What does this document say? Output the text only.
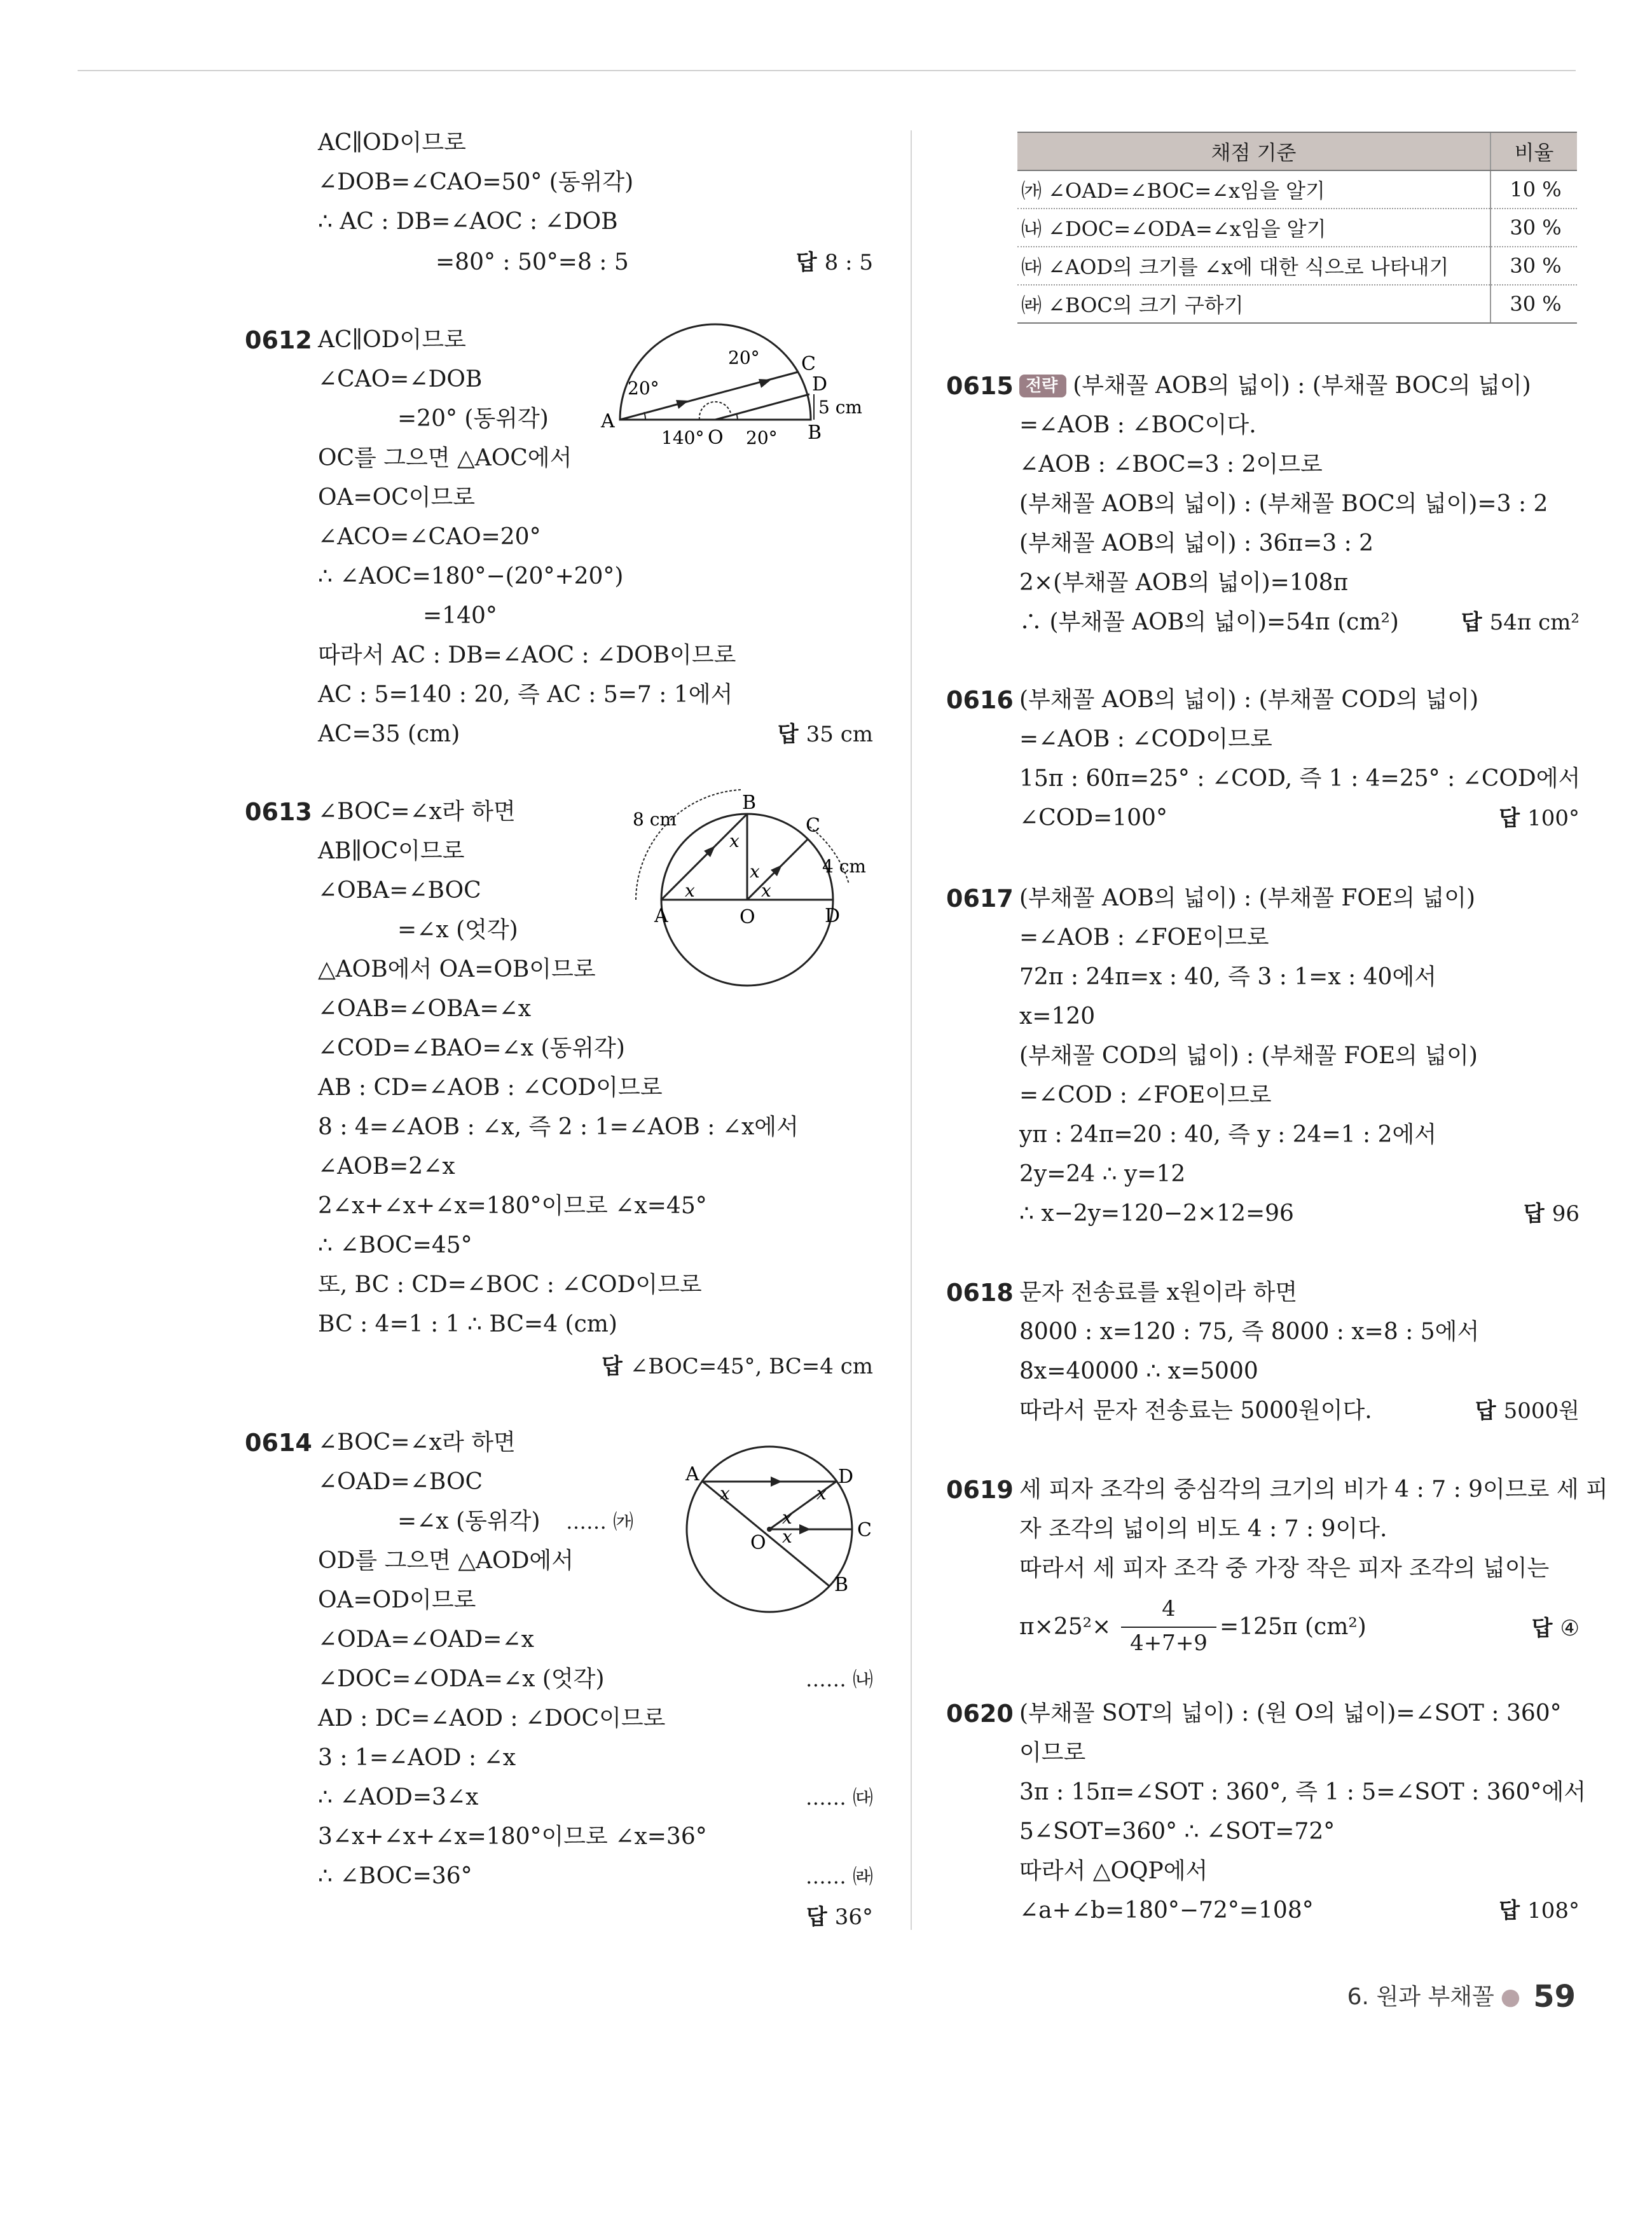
AC∥OD이므로
∠DOB=∠CAO=50° (동위각)
∴ AC : DB=∠AOC : ∠DOB
=80° : 50°=8 : 5	답 8 : 5
0612 AC∥OD이므로
∠CAO=∠DOB
=20° (동위각)
OC를 그으면 △AOC에서
OA=OC이므로
∠ACO=∠CAO=20°
∴ ∠AOC=180°−(20°+20°)
=140°
따라서 AC : DB=∠AOC : ∠DOB이므로
AC : 5=140 : 20, 즉 AC : 5=7 : 1에서
AC=35 (cm)	답 35 cm
A
B
C
D
O
20°
20°
140° 20°
5 cm
0613 ∠BOC=∠x라 하면
AB∥OC이므로
∠OBA=∠BOC
=∠x (엇각)
△AOB에서 OA=OB이므로
∠OAB=∠OBA=∠x
∠COD=∠BAO=∠x (동위각)
AB : CD=∠AOB : ∠COD이므로
8 : 4=∠AOB : ∠x, 즉 2 : 1=∠AOB : ∠x에서
∠AOB=2∠x
2∠x+∠x+∠x=180°이므로 ∠x=45°
∴ ∠BOC=45°
또, BC : CD=∠BOC : ∠COD이므로
BC : 4=1 : 1 ∴ BC=4 (cm)
답 ∠BOC=45°, BC=4 cm
A
B
C
D
O
x
x
x
x
8 cm
4 cm
0614 ∠BOC=∠x라 하면
∠OAD=∠BOC
=∠x (동위각) …… ㈎
OD를 그으면 △AOD에서
OA=OD이므로
∠ODA=∠OAD=∠x
∠DOC=∠ODA=∠x (엇각)	…… ㈏
AD : DC=∠AOD : ∠DOC이므로
3 : 1=∠AOD : ∠x
∴ ∠AOD=3∠x	…… ㈐
3∠x+∠x+∠x=180°이므로 ∠x=36°
∴ ∠BOC=36°	…… ㈑
답 36°
A	D
C
B
O
x	x
x
x
채점 기준	비율
㈎ ∠OAD=∠BOC=∠x임을 알기	10 %
㈏ ∠DOC=∠ODA=∠x임을 알기	30 %
㈐ ∠AOD의 크기를 ∠x에 대한 식으로 나타내기	30 %
㈑ ∠BOC의 크기 구하기	30 %
0615 전략 (부채꼴 AOB의 넓이) : (부채꼴 BOC의 넓이)
=∠AOB : ∠BOC이다.
∠AOB : ∠BOC=3 : 2이므로
(부채꼴 AOB의 넓이) : (부채꼴 BOC의 넓이)=3 : 2
(부채꼴 AOB의 넓이) : 36π=3 : 2
2×(부채꼴 AOB의 넓이)=108π
∴ (부채꼴 AOB의 넓이)=54π (cm²)	답 54π cm²
0616 (부채꼴 AOB의 넓이) : (부채꼴 COD의 넓이)
=∠AOB : ∠COD이므로
15π : 60π=25° : ∠COD, 즉 1 : 4=25° : ∠COD에서
∠COD=100°	답 100°
0617 (부채꼴 AOB의 넓이) : (부채꼴 FOE의 넓이)
=∠AOB : ∠FOE이므로
72π : 24π=x : 40, 즉 3 : 1=x : 40에서
x=120
(부채꼴 COD의 넓이) : (부채꼴 FOE의 넓이)
=∠COD : ∠FOE이므로
yπ : 24π=20 : 40, 즉 y : 24=1 : 2에서
2y=24 ∴ y=12
∴ x−2y=120−2×12=96	답 96
0618 문자 전송료를 x원이라 하면
8000 : x=120 : 75, 즉 8000 : x=8 : 5에서
8x=40000 ∴ x=5000
따라서 문자 전송료는 5000원이다.	답 5000원
0619 세 피자 조각의 중심각의 크기의 비가 4 : 7 : 9이므로 세 피
자 조각의 넓이의 비도 4 : 7 : 9이다.
따라서 세 피자 조각 중 가장 작은 피자 조각의 넓이는
π×25²×
4
4+7+9
=125π (cm²)	답 ④
0620 (부채꼴 SOT의 넓이) : (원 O의 넓이)=∠SOT : 360°
이므로
3π : 15π=∠SOT : 360°, 즉 1 : 5=∠SOT : 360°에서
5∠SOT=360° ∴ ∠SOT=72°
따라서 △OQP에서
∠a+∠b=180°−72°=108°	답 108°
6. 원과 부채꼴 ● 59
